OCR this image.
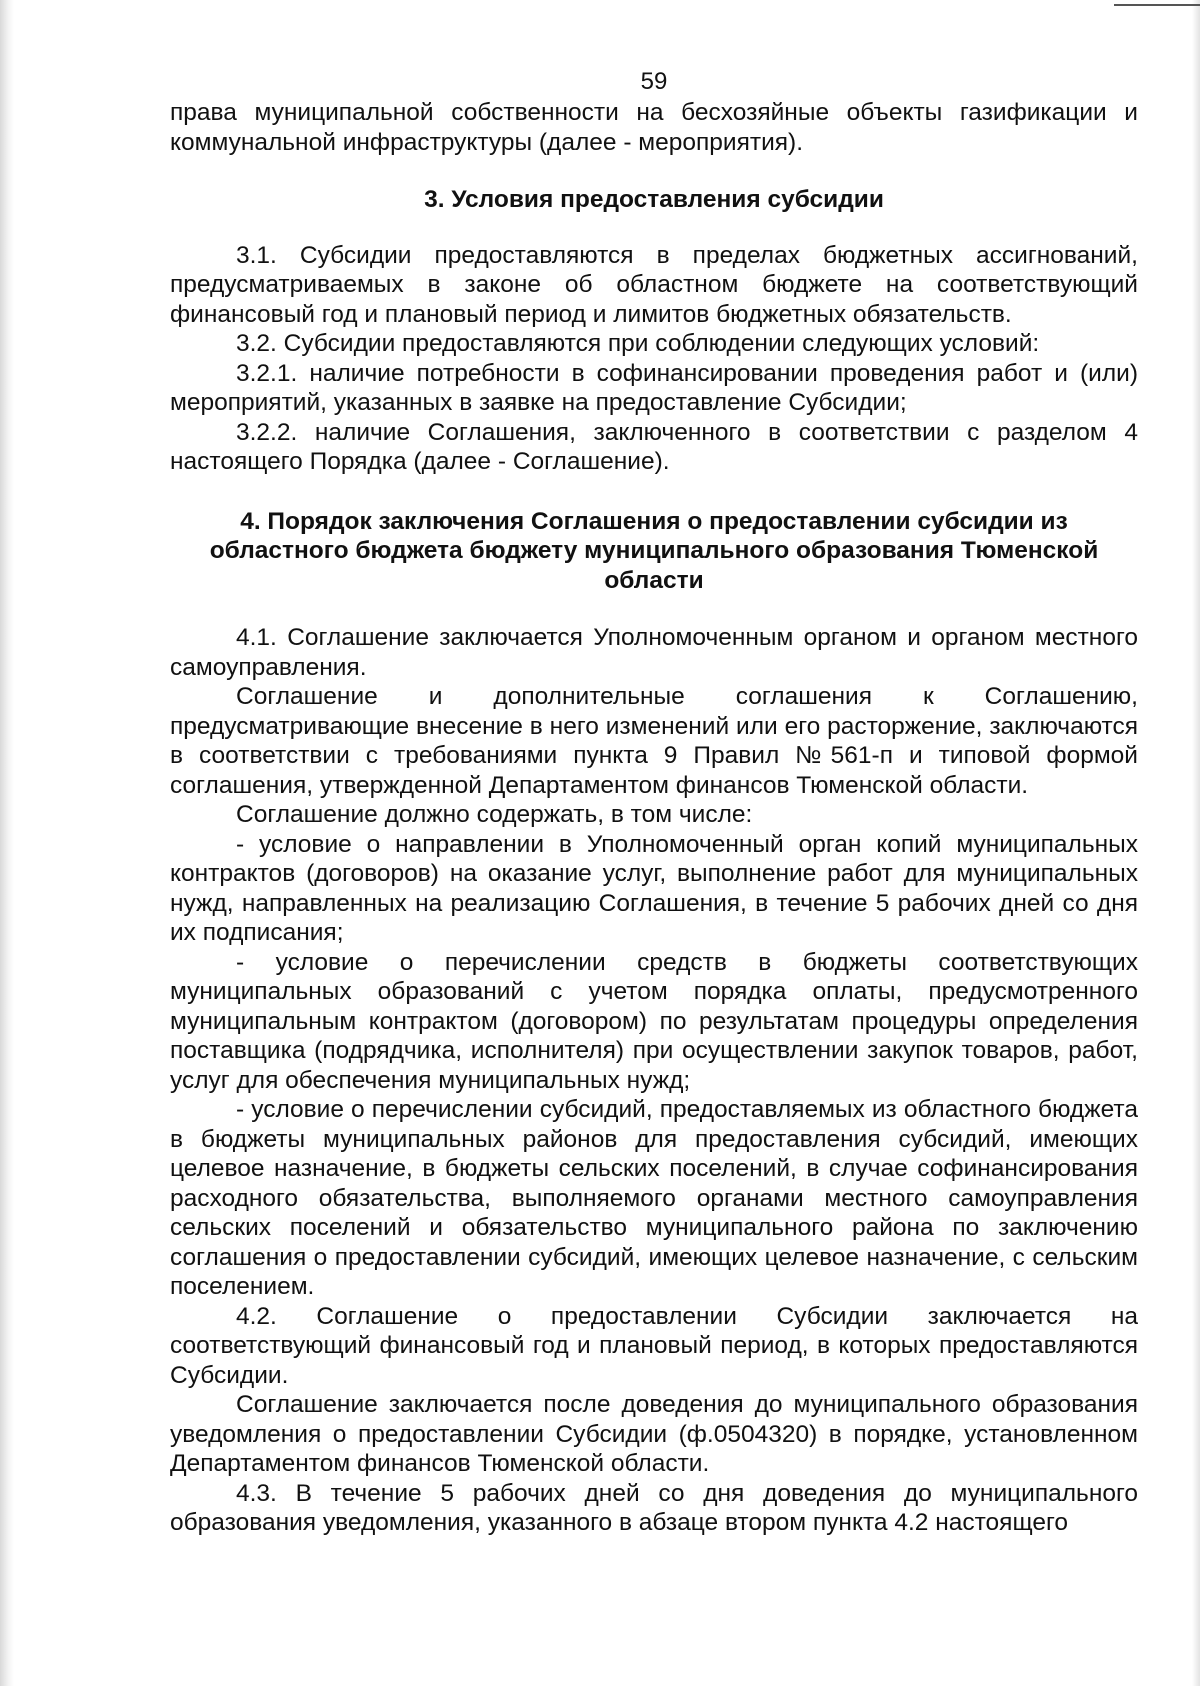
59

права муниципальной собственности на бесхозяйные объекты газификации и коммунальной инфраструктуры (далее - мероприятия).

3. Условия предоставления субсидии

3.1. Субсидии предоставляются в пределах бюджетных ассигнований, предусматриваемых в законе об областном бюджете на соответствующий финансовый год и плановый период и лимитов бюджетных обязательств.

3.2. Субсидии предоставляются при соблюдении следующих условий:

3.2.1. наличие потребности в софинансировании проведения работ и (или) мероприятий, указанных в заявке на предоставление Субсидии;

3.2.2. наличие Соглашения, заключенного в соответствии с разделом 4 настоящего Порядка (далее - Соглашение).

4. Порядок заключения Соглашения о предоставлении субсидии из областного бюджета бюджету муниципального образования Тюменской области

4.1. Соглашение заключается Уполномоченным органом и органом местного самоуправления.

Соглашение и дополнительные соглашения к Соглашению, предусматривающие внесение в него изменений или его расторжение, заключаются в соответствии с требованиями пункта 9 Правил №561-п и типовой формой соглашения, утвержденной Департаментом финансов Тюменской области.

Соглашение должно содержать, в том числе:

- условие о направлении в Уполномоченный орган копий муниципальных контрактов (договоров) на оказание услуг, выполнение работ для муниципальных нужд, направленных на реализацию Соглашения, в течение 5 рабочих дней со дня их подписания;

- условие о перечислении средств в бюджеты соответствующих муниципальных образований с учетом порядка оплаты, предусмотренного муниципальным контрактом (договором) по результатам процедуры определения поставщика (подрядчика, исполнителя) при осуществлении закупок товаров, работ, услуг для обеспечения муниципальных нужд;

- условие о перечислении субсидий, предоставляемых из областного бюджета в бюджеты муниципальных районов для предоставления субсидий, имеющих целевое назначение, в бюджеты сельских поселений, в случае софинансирования расходного обязательства, выполняемого органами местного самоуправления сельских поселений и обязательство муниципального района по заключению соглашения о предоставлении субсидий, имеющих целевое назначение, с сельским поселением.

4.2. Соглашение о предоставлении Субсидии заключается на соответствующий финансовый год и плановый период, в которых предоставляются Субсидии.

Соглашение заключается после доведения до муниципального образования уведомления о предоставлении Субсидии (ф.0504320) в порядке, установленном Департаментом финансов Тюменской области.

4.3. В течение 5 рабочих дней со дня доведения до муниципального образования уведомления, указанного в абзаце втором пункта 4.2 настоящего
